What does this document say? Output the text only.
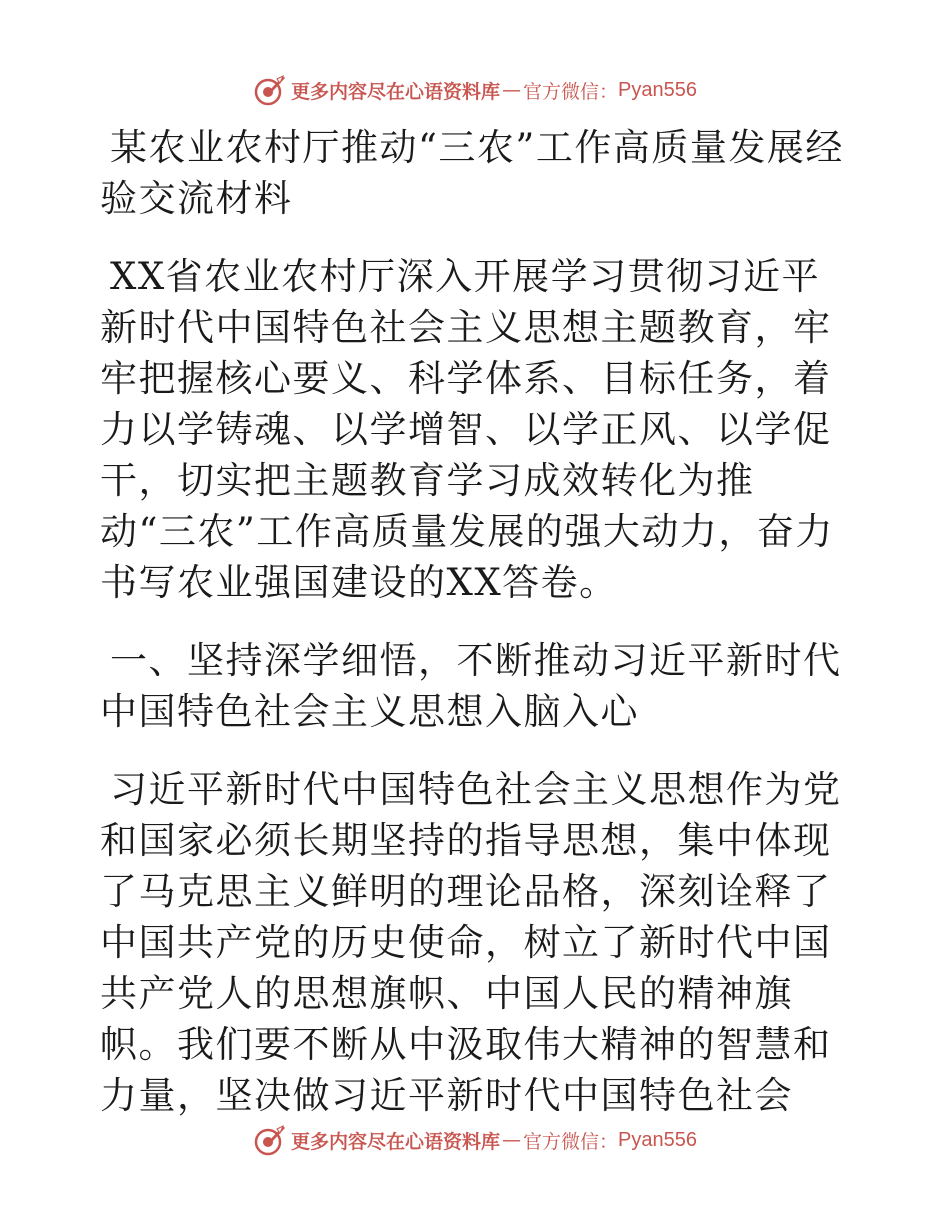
更多内容尽在心语资料库 — 官方微信： Pyan556

某农业农村厅推动“三农”工作高质量发展经验交流材料

XX省农业农村厅深入开展学习贯彻习近平新时代中国特色社会主义思想主题教育，牢牢把握核心要义、科学体系、目标任务，着力以学铸魂、以学增智、以学正风、以学促干，切实把主题教育学习成效转化为推动“三农”工作高质量发展的强大动力，奋力书写农业强国建设的XX答卷。

一、坚持深学细悟，不断推动习近平新时代中国特色社会主义思想入脑入心

习近平新时代中国特色社会主义思想作为党和国家必须长期坚持的指导思想，集中体现了马克思主义鲜明的理论品格，深刻诠释了中国共产党的历史使命，树立了新时代中国共产党人的思想旗帜、中国人民的精神旗帜。我们要不断从中汲取伟大精神的智慧和力量，坚决做习近平新时代中国特色社会

更多内容尽在心语资料库 — 官方微信： Pyan556
